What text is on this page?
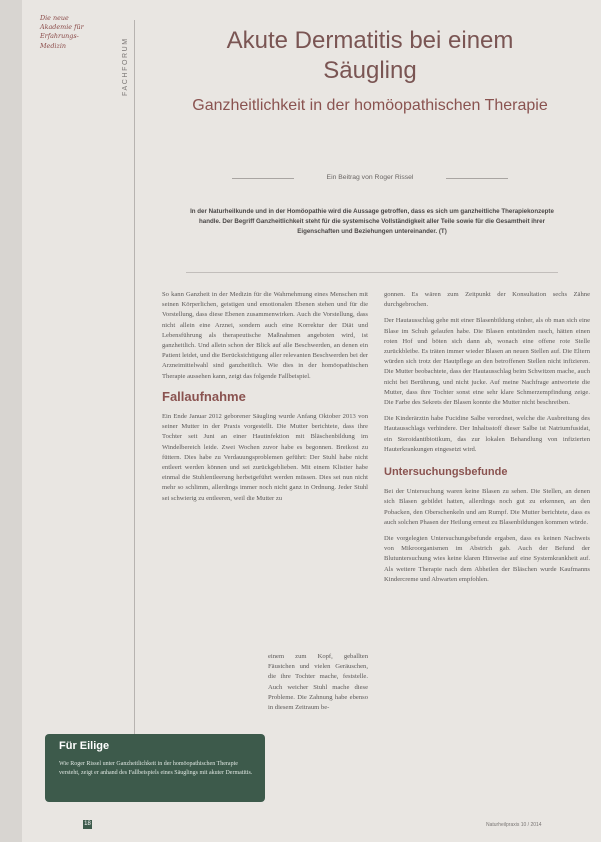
Die neue
Akademie für
Erfahrungs-
Medizin	FACHFORUM	Akute Dermatitis bei einem Säugling
Ganzheitlichkeit in der homöopathischen Therapie
Ein Beitrag von Roger Rissel
In der Naturheilkunde und in der Homöopathie wird die Aussage getroffen, dass es sich um ganzheitliche Therapiekonzepte handle. Der Begriff Ganzheitlichkeit steht für die systemische Vollständigkeit aller Teile sowie für die Gesamtheit ihrer Eigenschaften und Beziehungen untereinander. (T)

So kann Ganzheit in der Medizin für die Wahrnehmung eines Menschen mit seinen Körperlichen, geistigen und emotionalen Ebenen stehen und für die Vorstellung, dass diese Ebenen zusammenwirken. Auch die Vorstellung, dass nicht allein eine Arznei, sondern auch eine Korrektur der Diät und Lebensführung als therapeutische Maßnahmen angeboten wird, ist ganzheitlich. Und allein schon der Blick auf alle Beschwerden, an denen ein Patient leidet, und die Berücksichtigung aller relevanten Beschwerden bei der Arzneimittelwahl sind ganzheitlich. Wie dies in der homöopathischen Therapie aussehen kann, zeigt das folgende Fallbeispiel.

Fallaufnahme

Ein Ende Januar 2012 geborener Säugling wurde Anfang Oktober 2013 von seiner Mutter in der Praxis vorgestellt. Die Mutter berichtete, dass ihre Tochter seit Juni an einer Hautinfektion mit Bläschenbildung im Windelbereich leide. Zwei Wochen zuvor habe es begonnen. Breikost zu füttern. Dies habe zu Verdauungsproblemen geführt: Der Stuhl habe nicht entleert werden können und sei zurückgeblieben. Mit einem Klistier habe einmal die Stuhlentleerung herbeigeführt werden müssen. Dies sei nun nicht mehr so schlimm, allerdings immer noch nicht ganz in Ordnung. Jeder Stuhl sei schwierig zu entleeren, weil die Mutter zu

einem zum Kopf, geballten Fäustchen und vielen Geräuschen, die ihre Tochter mache, feststelle. Auch weicher Stuhl mache diese Probleme. Die Zahnung habe ebenso in diesem Zeitraum be-

gonnen. Es wären zum Zeitpunkt der Konsultation sechs Zähne durchgebrochen.

Der Hautausschlag gehe mit einer Blasenbildung einher, als ob man sich eine Blase im Schuh gelaufen habe. Die Blasen entstünden rasch, hätten einen roten Hof und böten sich dann ab, wonach eine offene rote Stelle zurückbleibe. Es träten immer wieder Blasen an neuen Stellen auf. Die Eltern würden sich trotz der Hautpflege an den betroffenen Stellen nicht infizieren. Die Mutter beobachtete, dass der Hautausschlag beim Schwitzen mache, auch nicht bei Berührung, und nicht jucke. Auf meine Nachfrage antwortete die Mutter, dass ihre Tochter sonst eine sehr klare Schmerzempfindung zeige. Die Farbe des Sekrets der Blasen konnte die Mutter nicht beschreiben.

Die Kinderärztin habe Fucidine Salbe verordnet, welche die Ausbreitung des Hautausschlags verhindere. Der Inhaltsstoff dieser Salbe ist Natriumfusidat, ein Steroidantibiotikum, das zur lokalen Behandlung von infizierten Hauterkrankungen eingesetzt wird.

Untersuchungsbefunde

Bei der Untersuchung waren keine Blasen zu sehen. Die Stellen, an denen sich Blasen gebildet hatten, allerdings noch gut zu erkennen, an den Pobacken, den Oberschenkeln und am Rumpf. Die Mutter berichtete, dass es auch solchen Phasen der Heilung erneut zu Blasenbildungen kommen würde.

Die vorgelegten Untersuchungsbefunde ergaben, dass es keinen Nachweis von Mikroorganismen im Abstrich gab. Auch der Befund der Blutuntersuchung wies keine klaren Hinweise auf eine Systemkrankheit auf. Als weitere Therapie nach dem Abheilen der Bläschen wurde Kaufmanns Kindercreme und Abwarten empfohlen.

Für Eilige

Wie Roger Rissel unter Ganzheitlichkeit in der homöopathischen Therapie versteht, zeigt er anhand des Fallbeispiels eines Säuglings mit akuter Dermatitis.

18	Naturheilpraxis 10 / 2014
